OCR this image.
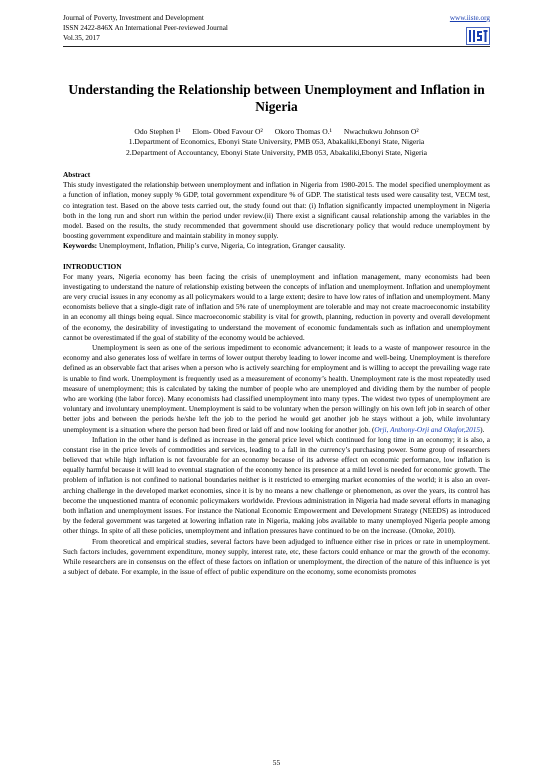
Journal of Poverty, Investment and Development
ISSN 2422-846X An International Peer-reviewed Journal
Vol.35, 2017
www.iiste.org
Understanding the Relationship between Unemployment and Inflation in Nigeria
Odo Stephen I¹ Elom- Obed Favour O² Okoro Thomas O.¹ Nwachukwu Johnson O²
1.Department of Economics, Ebonyi State University, PMB 053, Abakaliki,Ebonyi State, Nigeria
2.Department of Accountancy, Ebonyi State University, PMB 053, Abakaliki,Ebonyi State, Nigeria

Abstract

This study investigated the relationship between unemployment and inflation in Nigeria from 1980-2015. The model specified unemployment as a function of inflation, money supply % GDP, total government expenditure % of GDP. The statistical tests used were causality test, VECM test, co integration test. Based on the above tests carried out, the study found out that: (i) Inflation significantly impacted unemployment in Nigeria both in the long run and short run within the period under review.(ii) There exist a significant causal relationship among the variables in the model. Based on the results, the study recommended that government should use discretionary policy that would reduce unemployment by boosting government expenditure and maintain stability in money supply.

Keywords: Unemployment, Inflation, Philip’s curve, Nigeria, Co integration, Granger causality.

INTRODUCTION

For many years, Nigeria economy has been facing the crisis of unemployment and inflation management, many economists had been investigating to understand the nature of relationship existing between the concepts of inflation and unemployment. Inflation and unemployment are very crucial issues in any economy as all policymakers would to a large extent; desire to have low rates of inflation and unemployment. Many economists believe that a single-digit rate of inflation and 5% rate of unemployment are tolerable and may not create macroeconomic instability in an economy all things being equal. Since macroeconomic stability is vital for growth, planning, reduction in poverty and overall development of the economy, the desirability of investigating to understand the movement of economic fundamentals such as inflation and unemployment cannot be overestimated if the goal of stability of the economy would be achieved.

Unemployment is seen as one of the serious impediment to economic advancement; it leads to a waste of manpower resource in the economy and also generates loss of welfare in terms of lower output thereby leading to lower income and well-being. Unemployment is therefore defined as an observable fact that arises when a person who is actively searching for employment and is willing to accept the prevailing wage rate is unable to find work. Unemployment is frequently used as a measurement of economy’s health. Unemployment rate is the most repeatedly used measure of unemployment; this is calculated by taking the number of people who are unemployed and dividing them by the number of people who are working (the labor force). Many economists had classified unemployment into many types. The widest two types of unemployment are voluntary and involuntary unemployment. Unemployment is said to be voluntary when the person willingly on his own left job in search of other better jobs and between the periods he/she left the job to the period he would get another job he stays without a job, while involuntary unemployment is a situation where the person had been fired or laid off and now looking for another job. (Orji, Anthony-Orji and Okafor,2015).

Inflation in the other hand is defined as increase in the general price level which continued for long time in an economy; it is also, a constant rise in the price levels of commodities and services, leading to a fall in the currency’s purchasing power. Some group of researchers believed that while high inflation is not favourable for an economy because of its adverse effect on economic performance, low inflation is equally harmful because it will lead to eventual stagnation of the economy hence its presence at a mild level is needed for economic growth. The problem of inflation is not confined to national boundaries neither is it restricted to emerging market economies of the world; it is also an over-arching challenge in the developed market economies, since it is by no means a new challenge or phenomenon, as over the years, its control has become the unquestioned mantra of economic policymakers worldwide. Previous administration in Nigeria had made several efforts in managing both inflation and unemployment issues. For instance the National Economic Empowerment and Development Strategy (NEEDS) as introduced by the federal government was targeted at lowering inflation rate in Nigeria, making jobs available to many unemployed Nigeria people among other things. In spite of all these policies, unemployment and inflation pressures have continued to be on the increase. (Omoke, 2010).

From theoretical and empirical studies, several factors have been adjudged to influence either rise in prices or rate in unemployment. Such factors includes, government expenditure, money supply, interest rate, etc, these factors could enhance or mar the growth of the economy. While researchers are in consensus on the effect of these factors on inflation or unemployment, the direction of the nature of this influence is yet a subject of debate. For example, in the issue of effect of public expenditure on the economy, some economists promotes

55
